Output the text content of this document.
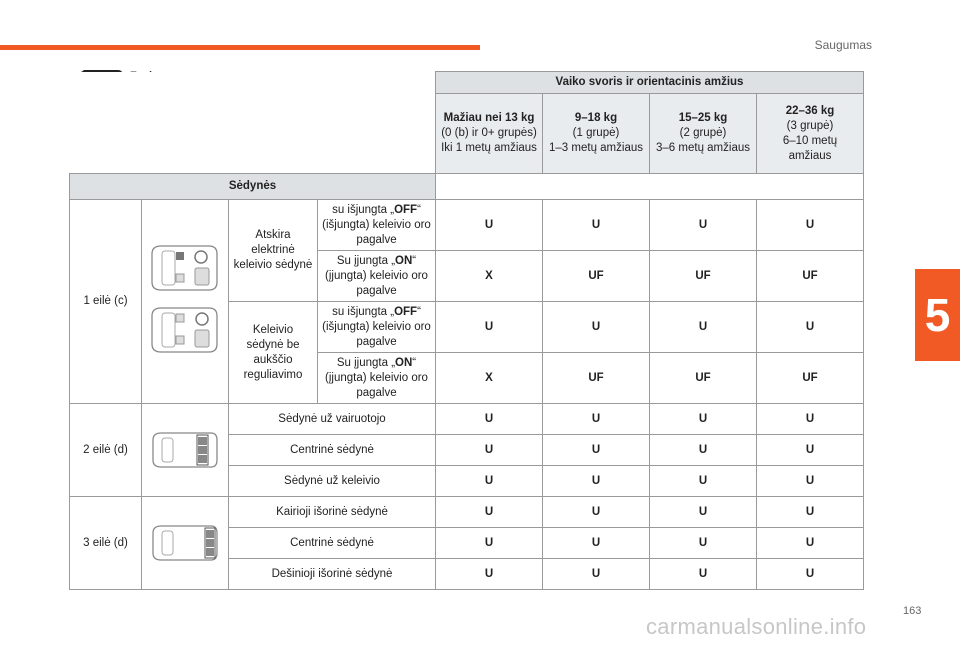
Saugumas
5
				Vaiko svoris ir orientacinis amžius			

				Mažiau nei 13 kg
(0 (b) ir 0+ grupės)
Iki 1 metų amžiaus	9–18 kg
(1 grupė)
1–3 metų amžiaus	15–25 kg
(2 grupė)
3–6 metų amžiaus	22–36 kg
(3 grupė)
6–10 metų amžiaus
Sėdynės							
1 eilė (c)		Atskira elektrinė keleivio sėdynė	su išjungta „OFF“ (išjungta) keleivio oro pagalve	U	U	U	U
			Su įjungta „ON“ (įjungta) keleivio oro pagalve	X	UF	UF	UF
		Keleivio sėdynė be aukščio reguliavimo	su išjungta „OFF“ (išjungta) keleivio oro pagalve	U	U	U	U
			Su įjungta „ON“ (įjungta) keleivio oro pagalve	X	UF	UF	UF
2 eilė (d)		Sėdynė už vairuotojo		U	U	U	U
		Centrinė sėdynė		U	U	U	U
		Sėdynė už keleivio		U	U	U	U
3 eilė (d)		Kairioji išorinė sėdynė		U	U	U	U
		Centrinė sėdynė		U	U	U	U
		Dešinioji išorinė sėdynė		U	U	U	U
163
carmanualsonline.info
